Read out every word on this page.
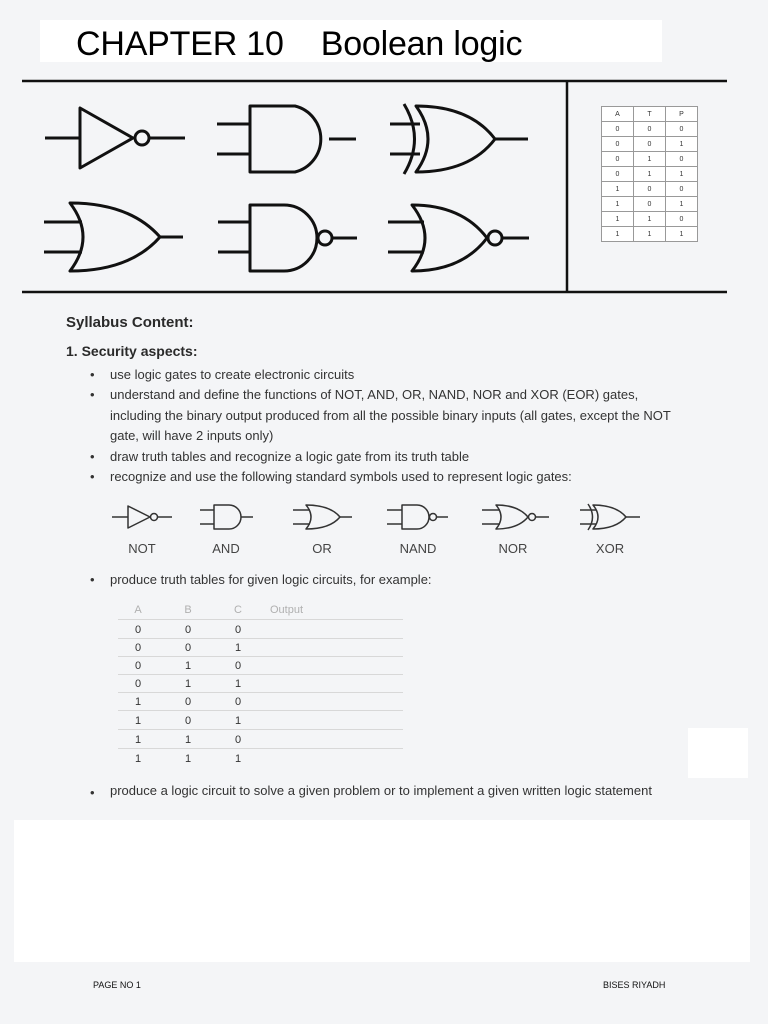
CHAPTER 10    Boolean logic
A	T	P
0	0	0
0	0	1
0	1	0
0	1	1
1	0	0
1	0	1
1	1	0
1	1	1
Syllabus Content:
1. Security aspects:
• use logic gates to create electronic circuits
• understand and define the functions of NOT, AND, OR, NAND, NOR and XOR (EOR) gates, including the binary output produced from all the possible binary inputs (all gates, except the NOT gate, will have 2 inputs only)
• draw truth tables and recognize a logic gate from its truth table
• recognize and use the following standard symbols used to represent logic gates:
NOT	AND	OR	NAND	NOR	XOR
• produce truth tables for given logic circuits, for example:
A	B	C	Output
0	0	0
0	0	1
0	1	0
0	1	1
1	0	0
1	0	1
1	1	0
1	1	1
• produce a logic circuit to solve a given problem or to implement a given written logic statement
PAGE NO 1	BISES RIYADH
